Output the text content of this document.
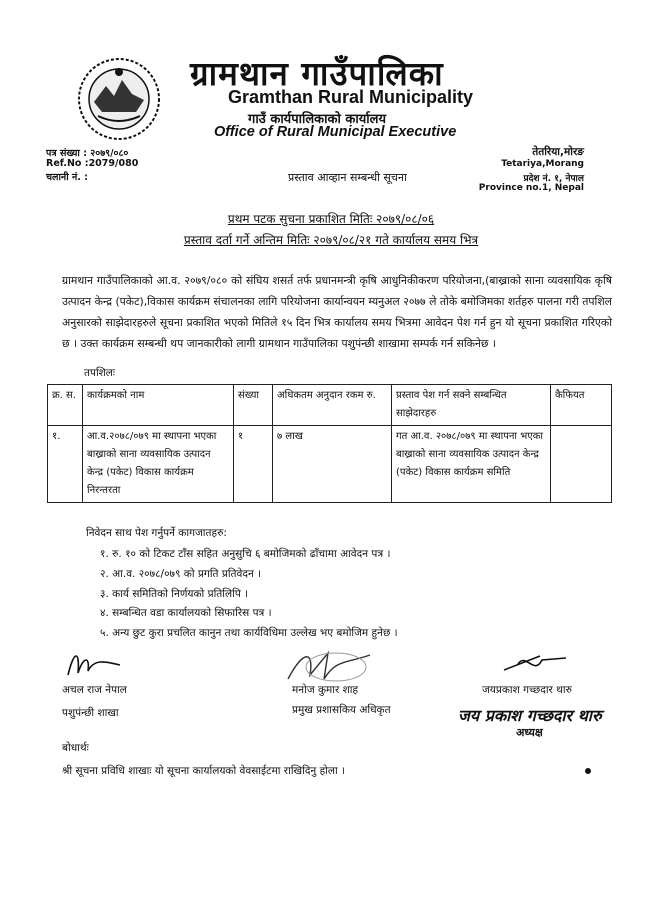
ग्रामथान गाउँपालिका
Gramthan Rural Municipality
गाउँ कार्यपालिकाको कार्यालय
Office of Rural Municipal Executive
पत्र संख्या : २०७९/०८०
Ref.No :2079/080
चलानी नं. :
तेतरिया,मोरङ
Tetariya,Morang
प्रदेश नं. १, नेपाल
Province no.1, Nepal
प्रस्ताव आव्हान सम्बन्धी सूचना
प्रथम पटक सुचना प्रकाशित मितिः २०७९/०८/०६
प्रस्ताव दर्ता गर्ने अन्तिम मितिः २०७९/०८/२१ गते कार्यालय समय भित्र
ग्रामथान गाउँपालिकाको आ.व. २०७९/०८० को संघिय शसर्त तर्फ प्रधानमन्त्री कृषि आधुनिकीकरण परियोजना,(बाख्राको साना व्यवसायिक कृषि उत्पादन केन्द्र (पकेट),विकास कार्यक्रम संचालनका लागि परियोजना कार्यान्वयन म्यनुअल २०७७ ले तोके बमोजिमका शर्तहरु पालना गरी तपशिल अनुसारको साझेदारहरुले सूचना प्रकाशित भएको मितिले १५ दिन भित्र कार्यालय समय भित्रमा आवेदन पेश गर्न हुन यो सूचना प्रकाशित गरिएको छ । उक्त कार्यक्रम सम्बन्धी थप जानकारीको लागी ग्रामथान गाउँपालिका पशुपंन्छी शाखामा सम्पर्क गर्न सकिनेछ ।
तपशिलः
क्र. स.	कार्यक्रमको नाम	संख्या	अधिकतम अनुदान रकम रु.	प्रस्ताव पेश गर्न सक्ने सम्बन्धित साझेदारहरु	कैफियत
१.	आ.व.२०७८/०७९ मा स्थापना भएका बाख्राको साना व्यवसायिक उत्पादन केन्द्र (पकेट) विकास कार्यक्रम निरन्तरता	१	७ लाख	गत आ.व. २०७८/०७९ मा स्थापना भएका बाख्राको साना व्यवसायिक उत्पादन केन्द्र (पकेट) विकास कार्यक्रम समिति	
निवेदन साथ पेश गर्नुपर्ने कागजातहरु:
१. रु. १० को टिकट टाँस सहित अनुसुचि ६ बमोजिमको ढाँचामा आवेदन पत्र ।
२. आ.व. २०७८/०७९ को प्रगति प्रतिवेदन ।
३. कार्य समितिको निर्णयको प्रतिलिपि ।
४. सम्बन्धित वडा कार्यालयको सिफारिस पत्र ।
५. अन्य छुट कुरा प्रचलित कानुन तथा कार्यविधिमा उल्लेख भए बमोजिम हुनेछ ।
अचल राज नेपाल
पशुपंन्छी शाखा
मनोज कुमार शाह
प्रमुख प्रशासकिय अधिकृत
जयप्रकाश गच्छदार थारु
जय प्रकाश गच्छदार थारु
अध्यक्ष
बोधार्थः
श्री सूचना प्रविधि शाखाः यो सूचना कार्यालयको वेवसाईटमा राखिदिनु होला ।
